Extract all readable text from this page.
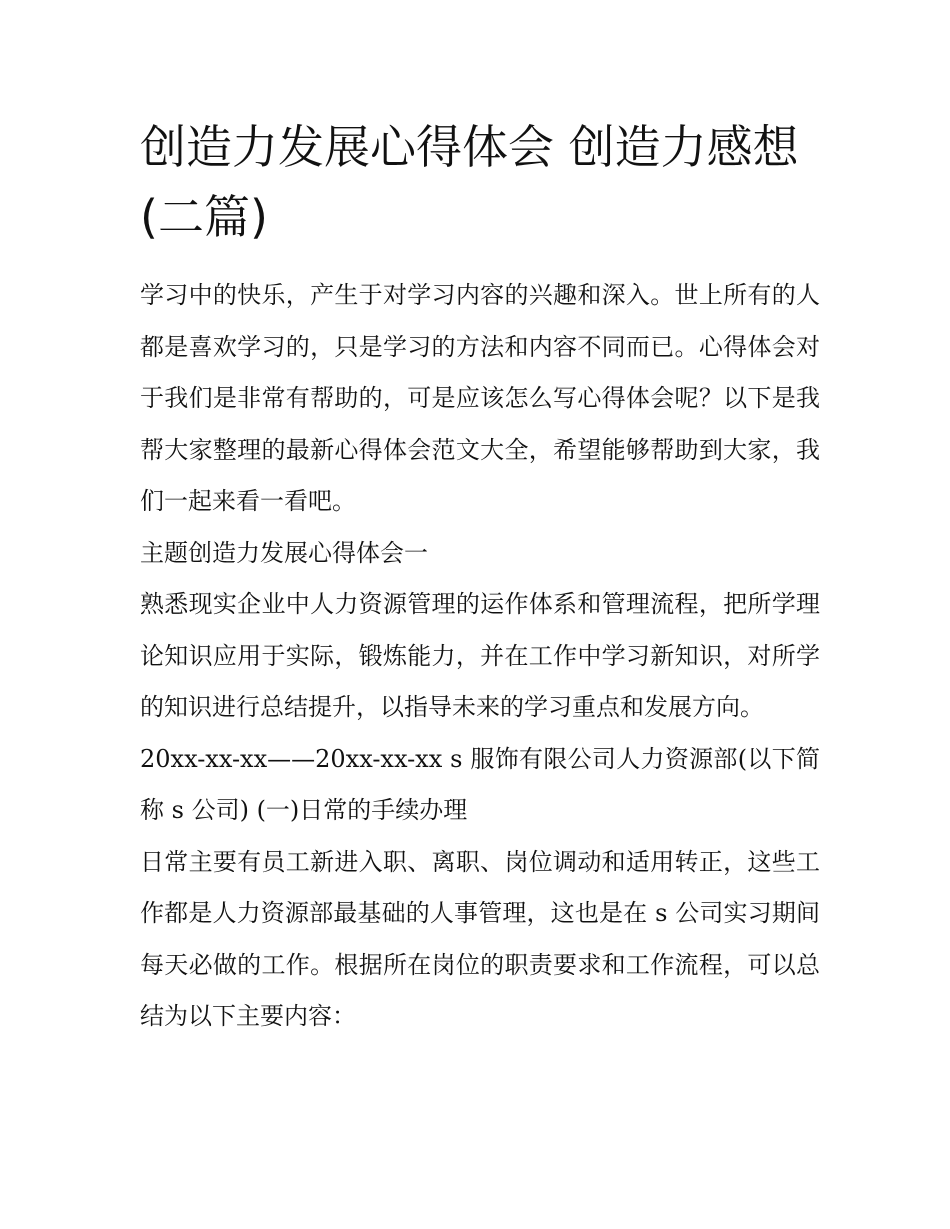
创造力发展心得体会 创造力感想(二篇)

学习中的快乐，产生于对学习内容的兴趣和深入。世上所有的人都是喜欢学习的，只是学习的方法和内容不同而已。心得体会对于我们是非常有帮助的，可是应该怎么写心得体会呢？以下是我帮大家整理的最新心得体会范文大全，希望能够帮助到大家，我们一起来看一看吧。

主题创造力发展心得体会一

熟悉现实企业中人力资源管理的运作体系和管理流程，把所学理论知识应用于实际，锻炼能力，并在工作中学习新知识，对所学的知识进行总结提升，以指导未来的学习重点和发展方向。

20xx-xx-xx——20xx-xx-xx s 服饰有限公司人力资源部(以下简称 s 公司) (一)日常的手续办理

日常主要有员工新进入职、离职、岗位调动和适用转正，这些工作都是人力资源部最基础的人事管理，这也是在 s 公司实习期间每天必做的工作。根据所在岗位的职责要求和工作流程，可以总结为以下主要内容：
